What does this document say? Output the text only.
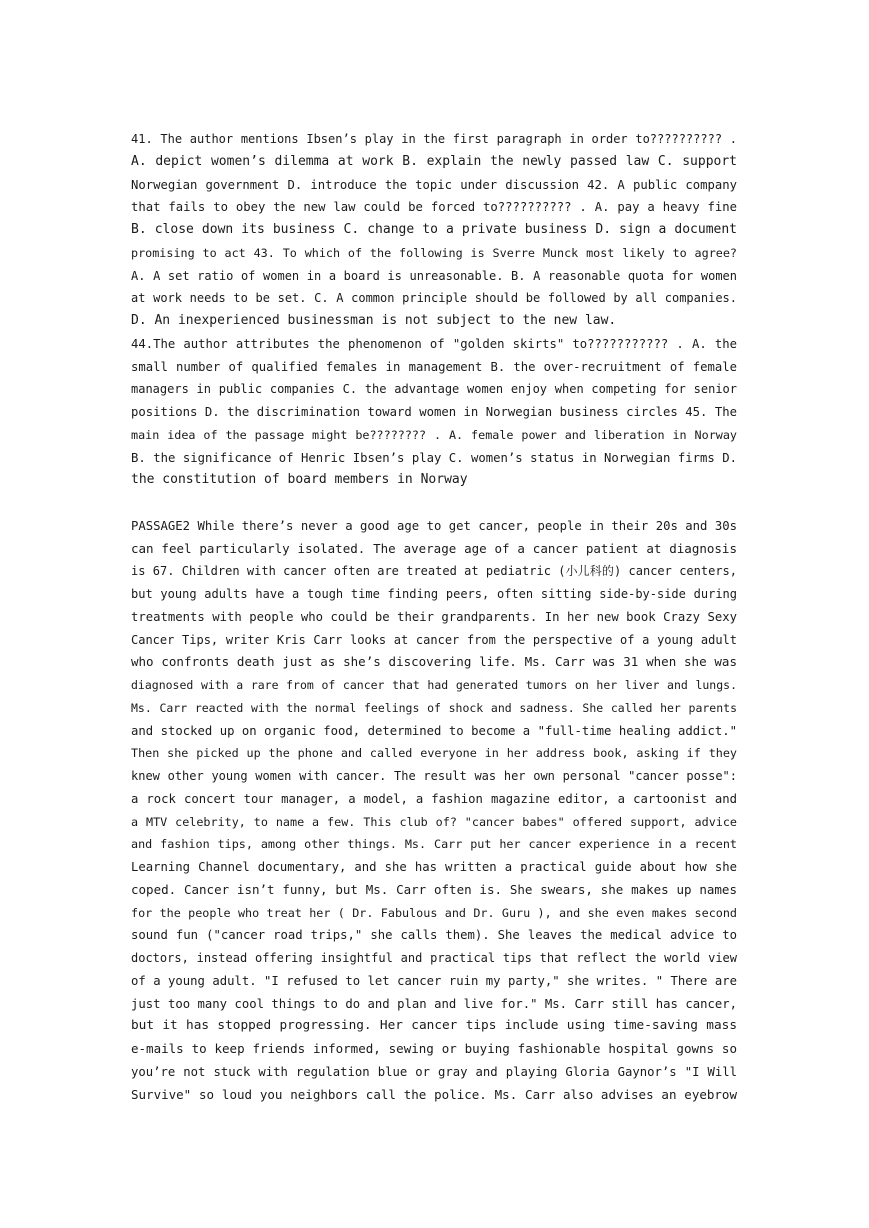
41. The author mentions Ibsen’s play in the first paragraph in order to?????????? .
A. depict women’s dilemma at work B. explain the newly passed law C. support
Norwegian government D. introduce the topic under discussion 42. A public company
that fails to obey the new law could be forced to?????????? . A. pay a heavy fine
B. close down its business C. change to a private business D. sign a document
promising to act 43. To which of the following is Sverre Munck most likely to agree?
A. A set ratio of women in a board is unreasonable. B. A reasonable quota for women
at work needs to be set. C. A common principle should be followed by all companies.
D. An inexperienced businessman is not subject to the new law.
44.The author attributes the phenomenon of "golden skirts" to??????????? . A. the
small number of qualified females in management B. the over-recruitment of female
managers in public companies C. the advantage women enjoy when competing for senior
positions D. the discrimination toward women in Norwegian business circles 45. The
main idea of the passage might be???????? . A. female power and liberation in Norway
B. the significance of Henric Ibsen’s play C. women’s status in Norwegian firms D.
the constitution of board members in Norway
PASSAGE2 While there’s never a good age to get cancer, people in their 20s and 30s
can feel particularly isolated. The average age of a cancer patient at diagnosis
is 67. Children with cancer often are treated at pediatric (小儿科的) cancer centers,
but young adults have a tough time finding peers, often sitting side-by-side during
treatments with people who could be their grandparents. In her new book Crazy Sexy
Cancer Tips, writer Kris Carr looks at cancer from the perspective of a young adult
who confronts death just as she’s discovering life. Ms. Carr was 31 when she was
diagnosed with a rare from of cancer that had generated tumors on her liver and lungs.
Ms. Carr reacted with the normal feelings of shock and sadness. She called her parents
and stocked up on organic food, determined to become a "full-time healing addict."
Then she picked up the phone and called everyone in her address book, asking if they
knew other young women with cancer. The result was her own personal "cancer posse":
a rock concert tour manager, a model, a fashion magazine editor, a cartoonist and
a MTV celebrity, to name a few. This club of? "cancer babes" offered support, advice
and fashion tips, among other things. Ms. Carr put her cancer experience in a recent
Learning Channel documentary, and she has written a practical guide about how she
coped. Cancer isn’t funny, but Ms. Carr often is. She swears, she makes up names
for the people who treat her ( Dr. Fabulous and Dr. Guru ), and she even makes second
sound fun ("cancer road trips," she calls them). She leaves the medical advice to
doctors, instead offering insightful and practical tips that reflect the world view
of a young adult. "I refused to let cancer ruin my party," she writes. " There are
just too many cool things to do and plan and live for." Ms. Carr still has cancer,
but it has stopped progressing. Her cancer tips include using time-saving mass
e-mails to keep friends informed, sewing or buying fashionable hospital gowns so
you’re not stuck with regulation blue or gray and playing Gloria Gaynor’s "I Will
Survive" so loud you neighbors call the police. Ms. Carr also advises an eyebrow
